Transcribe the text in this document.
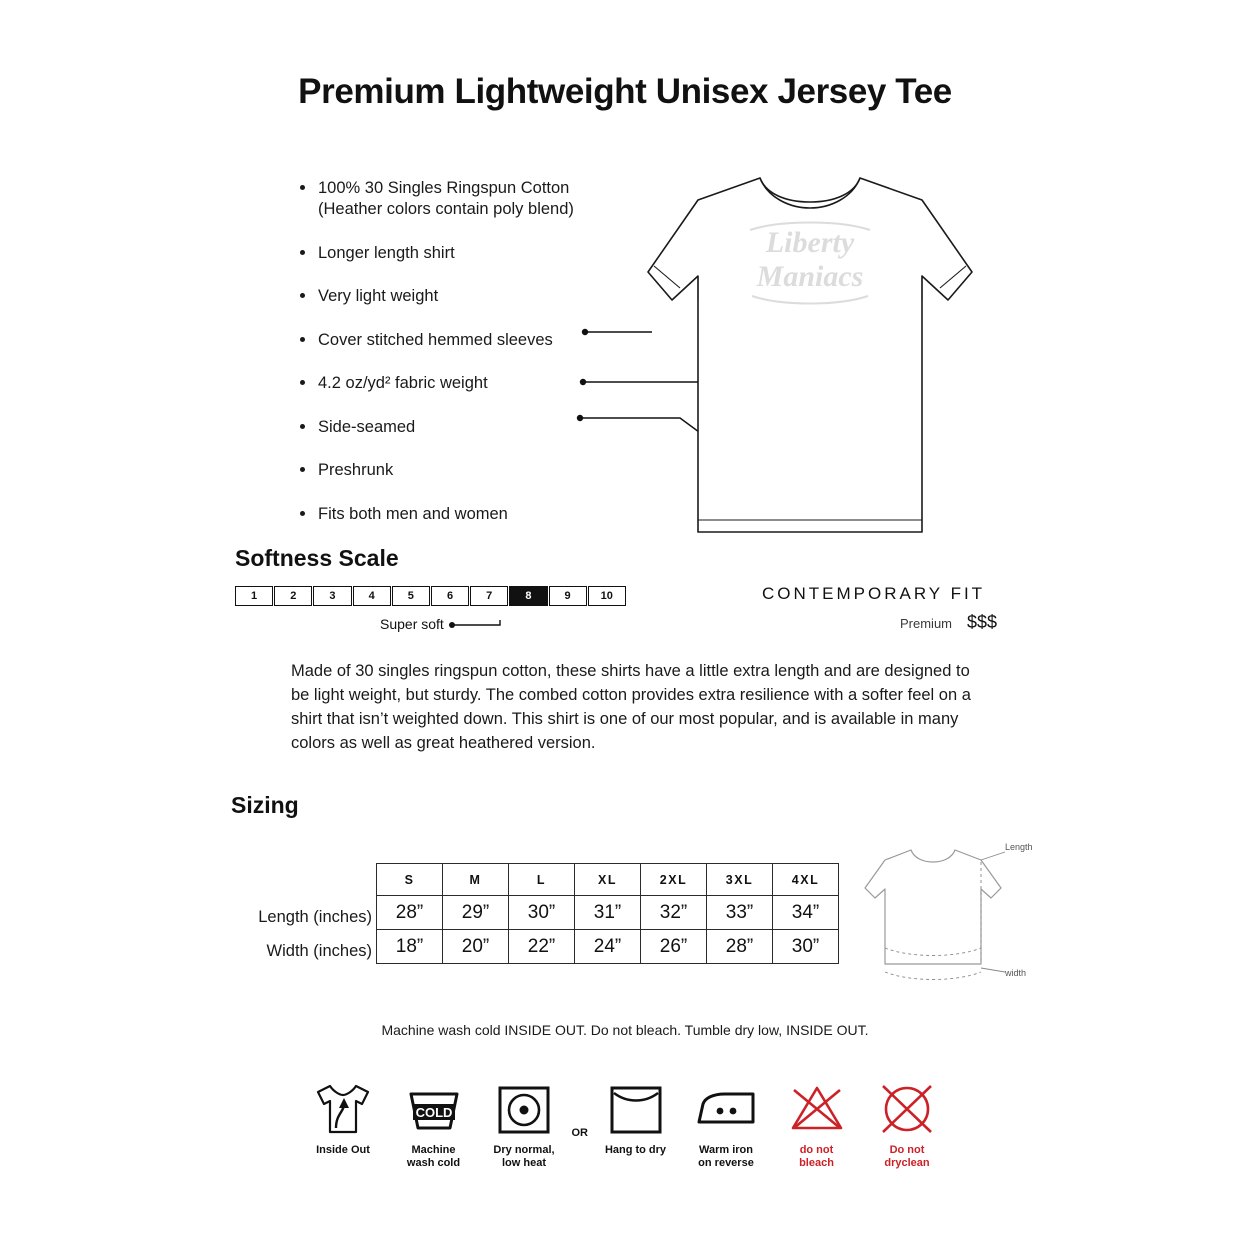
Premium Lightweight Unisex Jersey Tee
100% 30 Singles Ringspun Cotton
(Heather colors contain poly blend)
Longer length shirt
Very light weight
Cover stitched hemmed sleeves
4.2 oz/yd² fabric weight
Side-seamed
Preshrunk
Fits both men and women
Liberty
Maniacs
Softness Scale
1	2	3	4	5	6	7	8	9	10
Super soft
CONTEMPORARY FIT
Premium $$$
Made of 30 singles ringspun cotton, these shirts have a little extra length and are designed to be light weight, but sturdy. The combed cotton provides extra resilience with a softer feel on a shirt that isn’t weighted down. This shirt is one of our most popular, and is available in many colors as well as great heathered version.
Sizing
Length (inches)
Width (inches)
S	M	L	XL	2XL	3XL	4XL
28”	29”	30”	31”	32”	33”	34”
18”	20”	22”	24”	26”	28”	30”
Length
width
Machine wash cold INSIDE OUT. Do not bleach. Tumble dry low, INSIDE OUT.
Inside Out
COLD
Machine
wash cold
Dry normal,
low heat
OR
Hang to dry	Warm iron
on reverse
do not
bleach
Do not
dryclean
